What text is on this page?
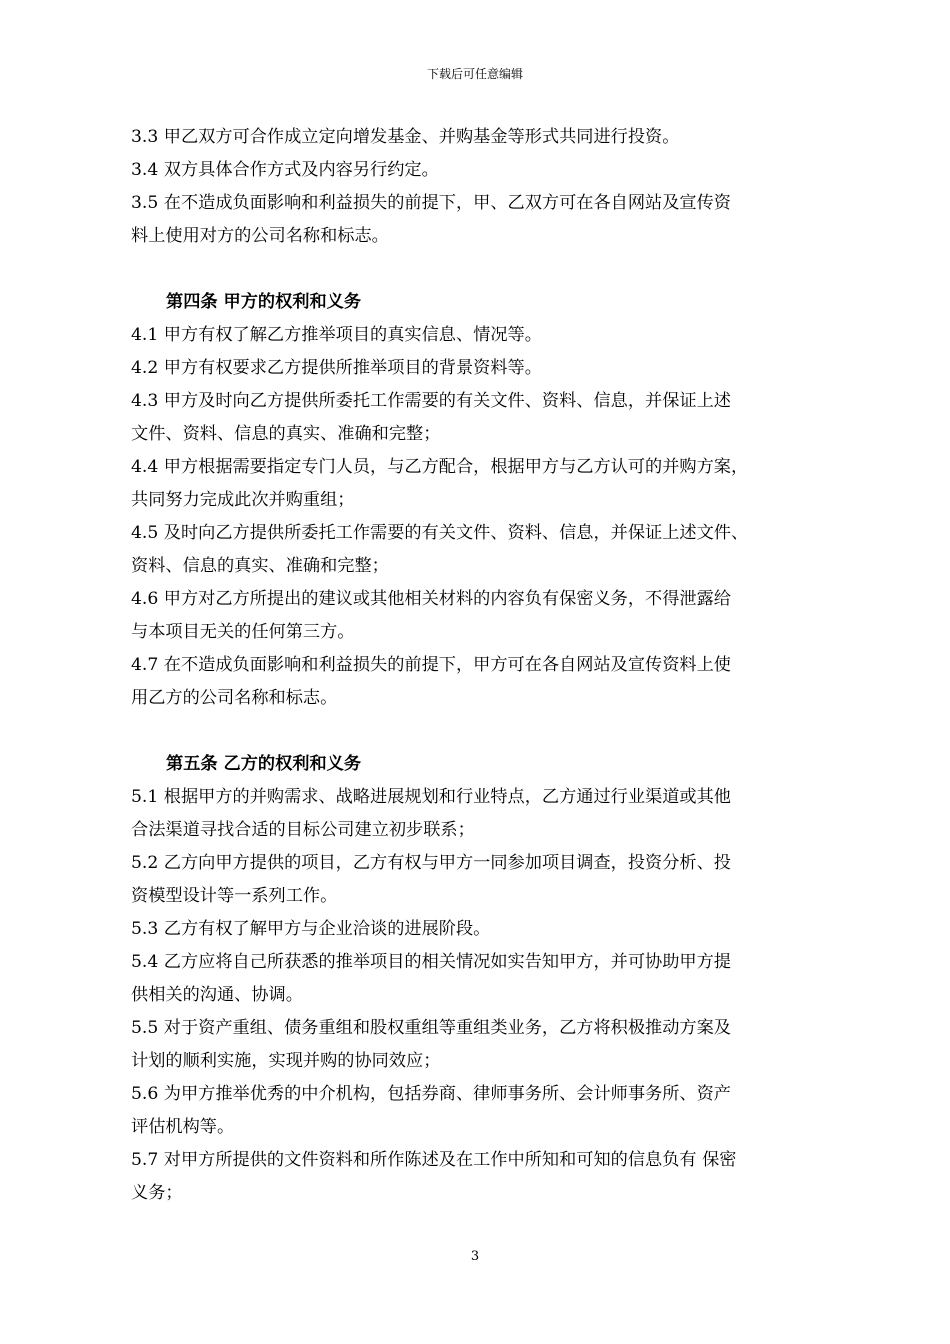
下载后可任意编辑

3.3 甲乙双方可合作成立定向增发基金、并购基金等形式共同进行投资。

3.4 双方具体合作方式及内容另行约定。

3.5 在不造成负面影响和利益损失的前提下，甲、乙双方可在各自网站及宣传资

料上使用对方的公司名称和标志。

第四条 甲方的权利和义务

4.1 甲方有权了解乙方推举项目的真实信息、情况等。

4.2 甲方有权要求乙方提供所推举项目的背景资料等。

4.3 甲方及时向乙方提供所委托工作需要的有关文件、资料、信息，并保证上述

文件、资料、信息的真实、准确和完整；

4.4 甲方根据需要指定专门人员，与乙方配合，根据甲方与乙方认可的并购方案，

共同努力完成此次并购重组；

4.5 及时向乙方提供所委托工作需要的有关文件、资料、信息，并保证上述文件、

资料、信息的真实、准确和完整；

4.6 甲方对乙方所提出的建议或其他相关材料的内容负有保密义务，不得泄露给

与本项目无关的任何第三方。

4.7 在不造成负面影响和利益损失的前提下，甲方可在各自网站及宣传资料上使

用乙方的公司名称和标志。

第五条 乙方的权利和义务

5.1 根据甲方的并购需求、战略进展规划和行业特点，乙方通过行业渠道或其他

合法渠道寻找合适的目标公司建立初步联系；

5.2 乙方向甲方提供的项目，乙方有权与甲方一同参加项目调查，投资分析、投

资模型设计等一系列工作。

5.3 乙方有权了解甲方与企业洽谈的进展阶段。

5.4 乙方应将自己所获悉的推举项目的相关情况如实告知甲方，并可协助甲方提

供相关的沟通、协调。

5.5 对于资产重组、债务重组和股权重组等重组类业务，乙方将积极推动方案及

计划的顺利实施，实现并购的协同效应；

5.6 为甲方推举优秀的中介机构，包括券商、律师事务所、会计师事务所、资产

评估机构等。

5.7 对甲方所提供的文件资料和所作陈述及在工作中所知和可知的信息负有 保密

义务；

3
